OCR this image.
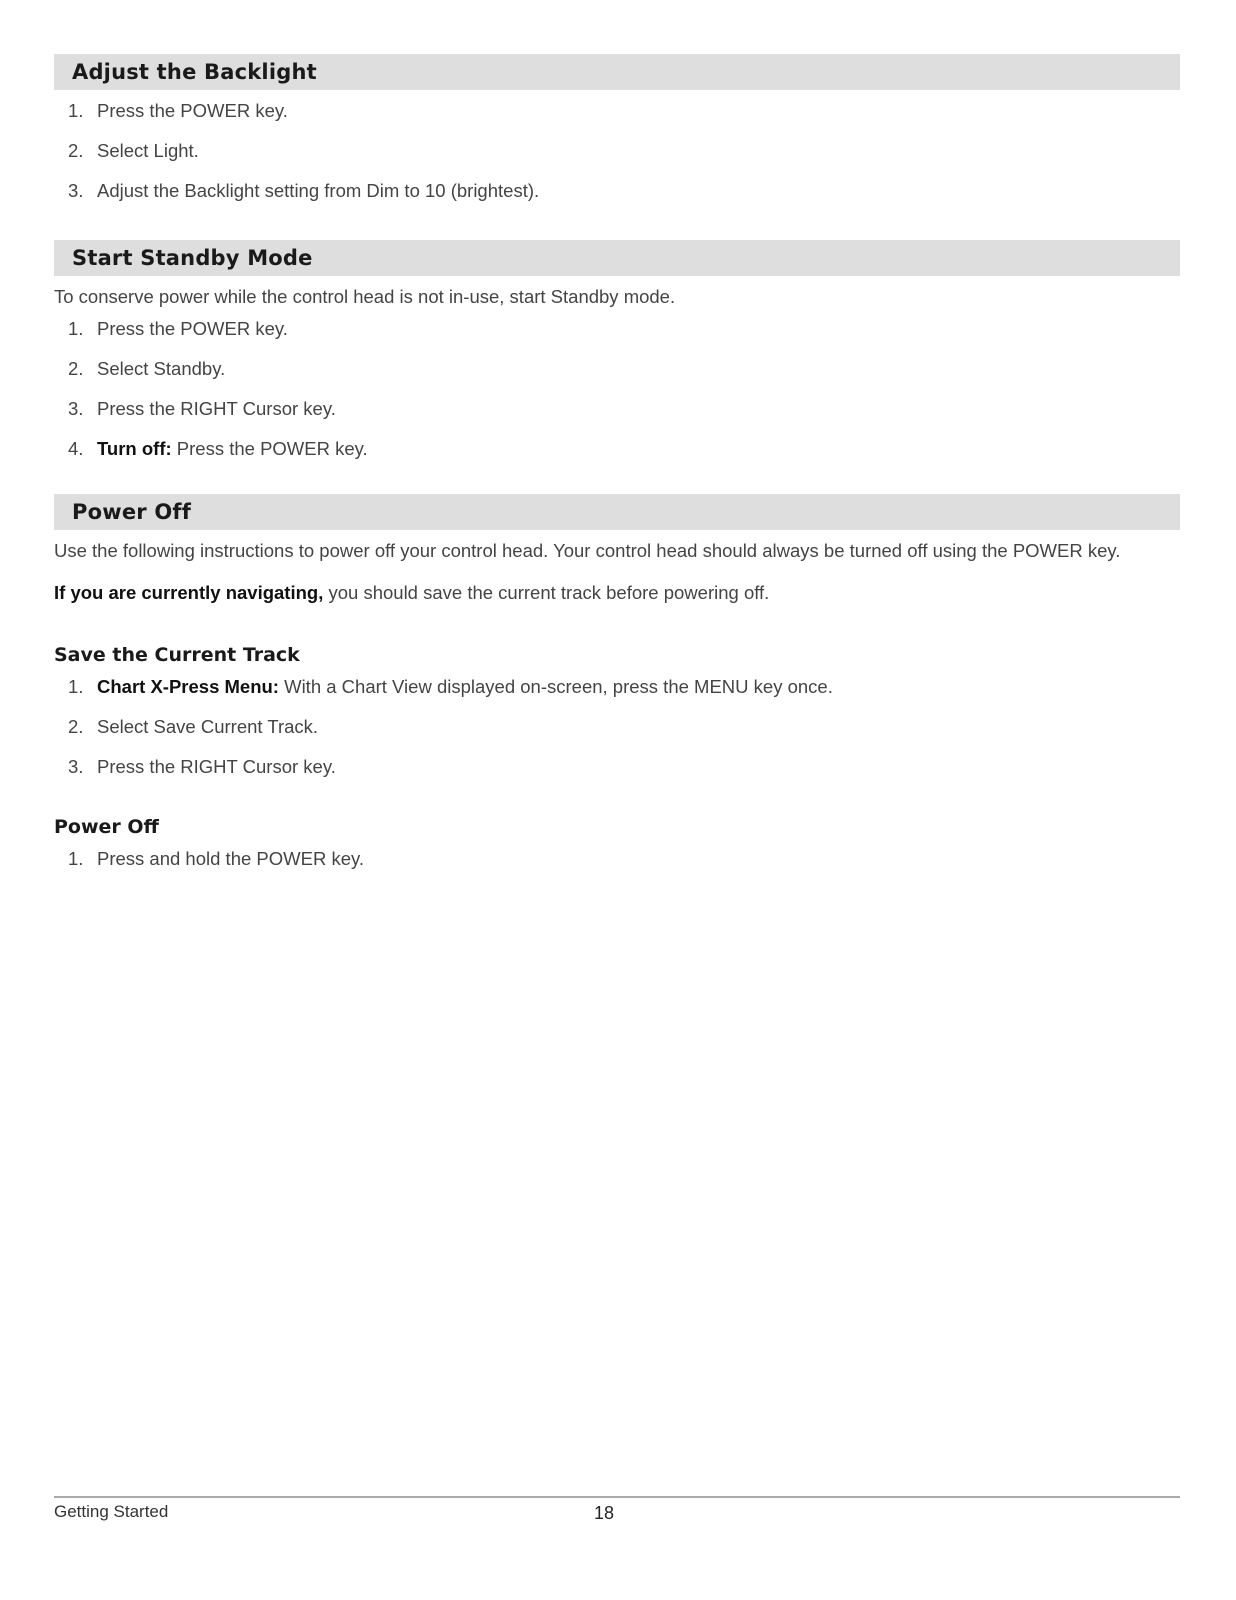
Adjust the Backlight
1. Press the POWER key.
2. Select Light.
3. Adjust the Backlight setting from Dim to 10 (brightest).
Start Standby Mode

To conserve power while the control head is not in-use, start Standby mode.

1. Press the POWER key.
2. Select Standby.
3. Press the RIGHT Cursor key.
4. Turn off: Press the POWER key.
Power Off

Use the following instructions to power off your control head. Your control head should always be turned off using the POWER key.

If you are currently navigating, you should save the current track before powering off.

Save the Current Track
1. Chart X-Press Menu: With a Chart View displayed on-screen, press the MENU key once.
2. Select Save Current Track.
3. Press the RIGHT Cursor key.
Power Off
1. Press and hold the POWER key.
Getting Started	18
